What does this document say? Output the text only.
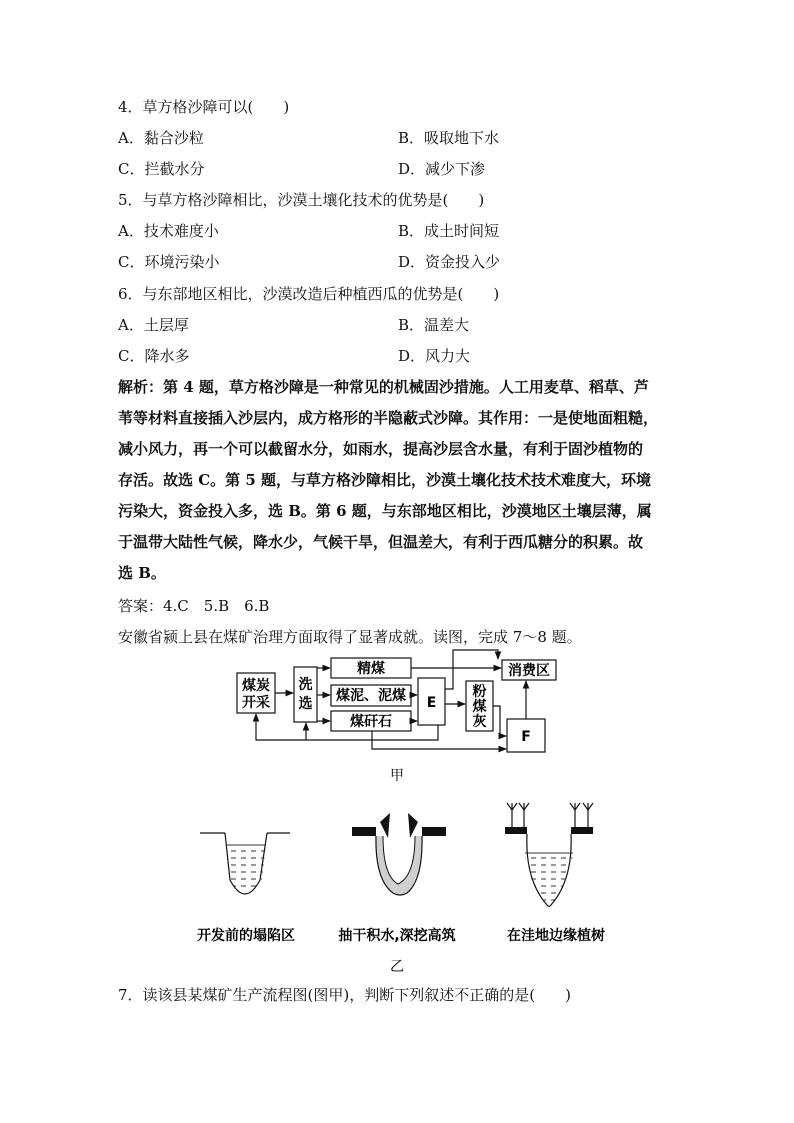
4．草方格沙障可以(　　)
A．黏合沙粒	B．吸取地下水
C．拦截水分	D．减少下渗
5．与草方格沙障相比，沙漠土壤化技术的优势是(　　)
A．技术难度小	B．成土时间短
C．环境污染小	D．资金投入少
6．与东部地区相比，沙漠改造后种植西瓜的优势是(　　)
A．土层厚	B．温差大
C．降水多	D．风力大
解析：第 4 题，草方格沙障是一种常见的机械固沙措施。人工用麦草、稻草、芦
苇等材料直接插入沙层内，成方格形的半隐蔽式沙障。其作用：一是使地面粗糙，
减小风力，再一个可以截留水分，如雨水，提高沙层含水量，有利于固沙植物的
存活。故选 C。第 5 题，与草方格沙障相比，沙漠土壤化技术技术难度大，环境
污染大，资金投入多，选 B。第 6 题，与东部地区相比，沙漠地区土壤层薄，属
于温带大陆性气候，降水少，气候干旱，但温差大，有利于西瓜糖分的积累。故
选 B。
答案：4.C　5.B　6.B
安徽省颍上县在煤矿治理方面取得了显著成就。读图，完成 7～8 题。
煤炭
开采
洗
选
精煤
煤泥、泥煤
煤矸石
E
粉
煤
灰
消费区
F
甲
开发前的塌陷区	抽干积水,深挖高筑	在洼地边缘植树
乙
7．读该县某煤矿生产流程图(图甲)，判断下列叙述不正确的是(　　)
